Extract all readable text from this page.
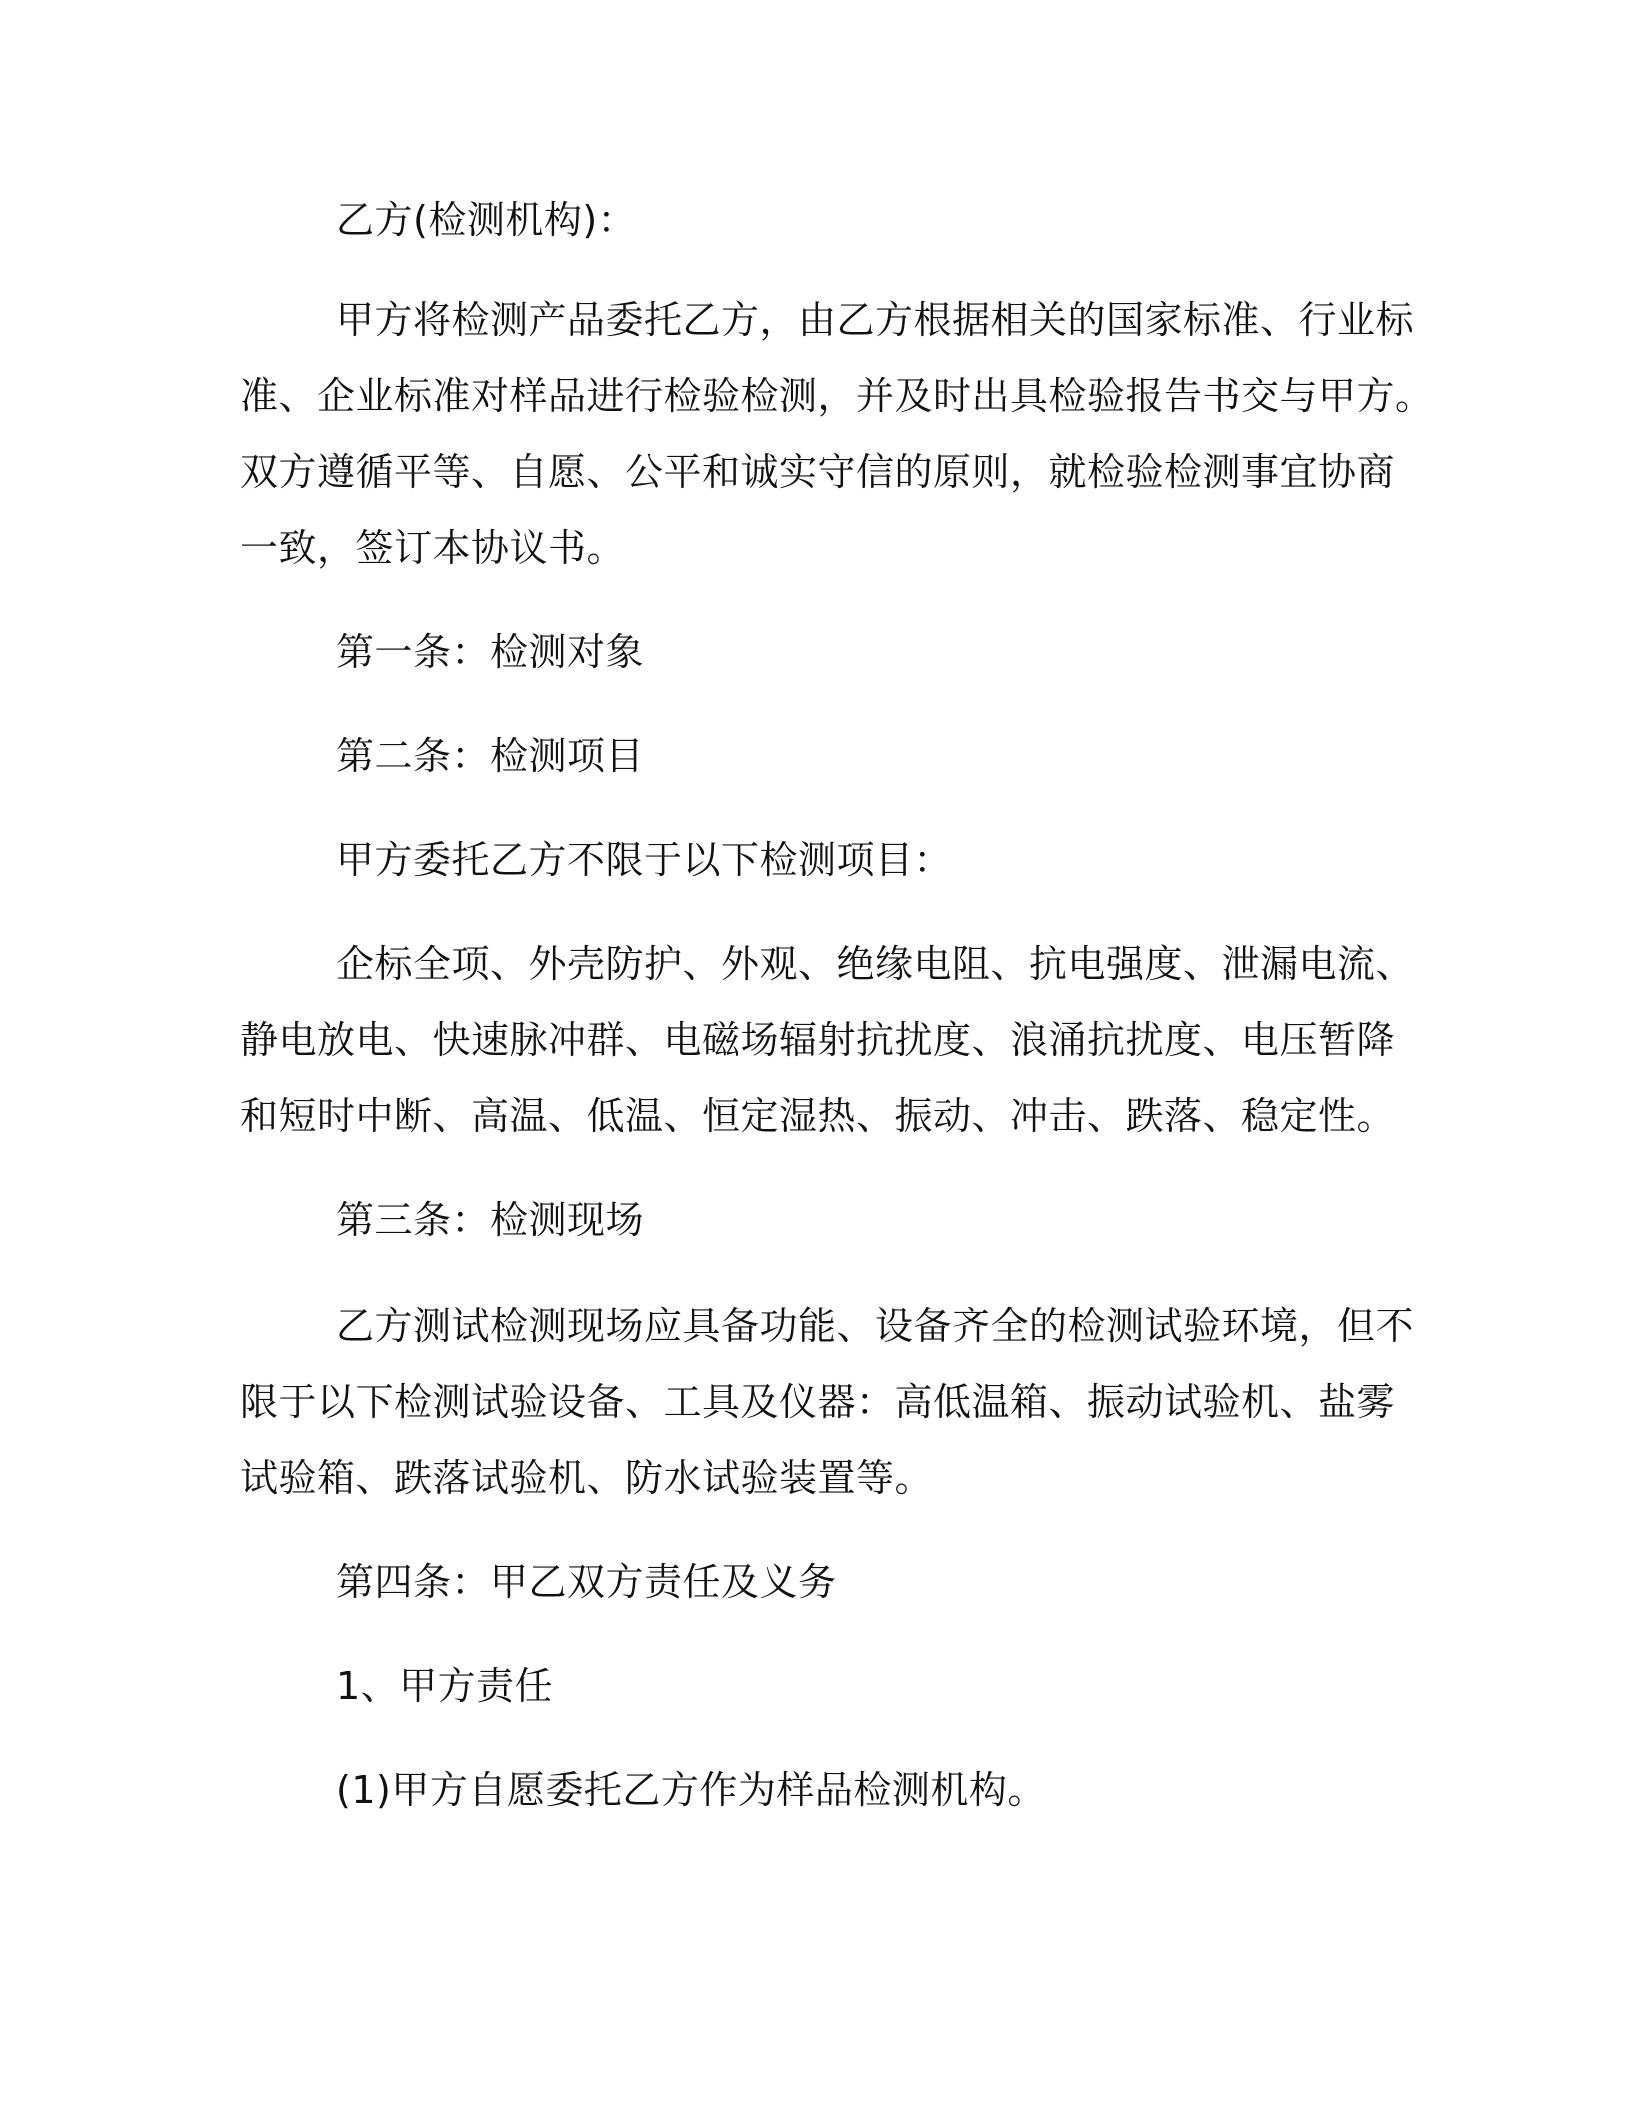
乙方(检测机构)：

甲方将检测产品委托乙方，由乙方根据相关的国家标准、行业标
准、企业标准对样品进行检验检测，并及时出具检验报告书交与甲方。
双方遵循平等、自愿、公平和诚实守信的原则，就检验检测事宜协商
一致，签订本协议书。

第一条：检测对象

第二条：检测项目

甲方委托乙方不限于以下检测项目：

企标全项、外壳防护、外观、绝缘电阻、抗电强度、泄漏电流、
静电放电、快速脉冲群、电磁场辐射抗扰度、浪涌抗扰度、电压暂降
和短时中断、高温、低温、恒定湿热、振动、冲击、跌落、稳定性。

第三条：检测现场

乙方测试检测现场应具备功能、设备齐全的检测试验环境，但不
限于以下检测试验设备、工具及仪器：高低温箱、振动试验机、盐雾
试验箱、跌落试验机、防水试验装置等。

第四条：甲乙双方责任及义务

1、甲方责任

(1)甲方自愿委托乙方作为样品检测机构。
